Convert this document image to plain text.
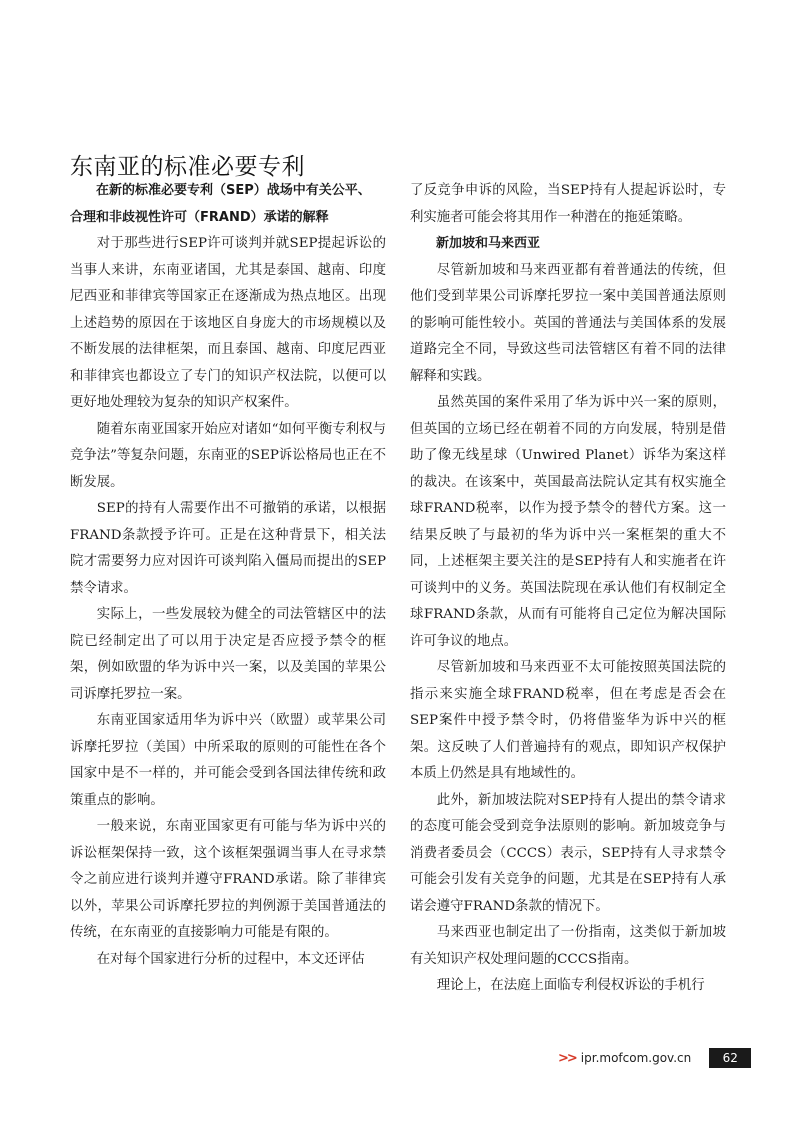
东南亚的标准必要专利

在新的标准必要专利（SEP）战场中有关公平、

合理和非歧视性许可（FRAND）承诺的解释

对于那些进行SEP许可谈判并就SEP提起诉讼的当事人来讲，东南亚诸国，尤其是泰国、越南、印度尼西亚和菲律宾等国家正在逐渐成为热点地区。出现上述趋势的原因在于该地区自身庞大的市场规模以及不断发展的法律框架，而且泰国、越南、印度尼西亚和菲律宾也都设立了专门的知识产权法院，以便可以更好地处理较为复杂的知识产权案件。

随着东南亚国家开始应对诸如“如何平衡专利权与竞争法”等复杂问题，东南亚的SEP诉讼格局也正在不断发展。

SEP的持有人需要作出不可撤销的承诺，以根据FRAND条款授予许可。正是在这种背景下，相关法院才需要努力应对因许可谈判陷入僵局而提出的SEP禁令请求。

实际上，一些发展较为健全的司法管辖区中的法院已经制定出了可以用于决定是否应授予禁令的框架，例如欧盟的华为诉中兴一案，以及美国的苹果公司诉摩托罗拉一案。

东南亚国家适用华为诉中兴（欧盟）或苹果公司诉摩托罗拉（美国）中所采取的原则的可能性在各个国家中是不一样的，并可能会受到各国法律传统和政策重点的影响。

一般来说，东南亚国家更有可能与华为诉中兴的诉讼框架保持一致，这个该框架强调当事人在寻求禁令之前应进行谈判并遵守FRAND承诺。除了菲律宾以外，苹果公司诉摩托罗拉的判例源于美国普通法的传统，在东南亚的直接影响力可能是有限的。

在对每个国家进行分析的过程中，本文还评估

了反竞争申诉的风险，当SEP持有人提起诉讼时，专利实施者可能会将其用作一种潜在的拖延策略。

新加坡和马来西亚

尽管新加坡和马来西亚都有着普通法的传统，但他们受到苹果公司诉摩托罗拉一案中美国普通法原则的影响可能性较小。英国的普通法与美国体系的发展道路完全不同，导致这些司法管辖区有着不同的法律解释和实践。

虽然英国的案件采用了华为诉中兴一案的原则，但英国的立场已经在朝着不同的方向发展，特别是借助了像无线星球（Unwired Planet）诉华为案这样的裁决。在该案中，英国最高法院认定其有权实施全球FRAND税率，以作为授予禁令的替代方案。这一结果反映了与最初的华为诉中兴一案框架的重大不同，上述框架主要关注的是SEP持有人和实施者在许可谈判中的义务。英国法院现在承认他们有权制定全球FRAND条款，从而有可能将自己定位为解决国际许可争议的地点。

尽管新加坡和马来西亚不太可能按照英国法院的指示来实施全球FRAND税率，但在考虑是否会在SEP案件中授予禁令时，仍将借鉴华为诉中兴的框架。这反映了人们普遍持有的观点，即知识产权保护本质上仍然是具有地域性的。

此外，新加坡法院对SEP持有人提出的禁令请求的态度可能会受到竞争法原则的影响。新加坡竞争与消费者委员会（CCCS）表示，SEP持有人寻求禁令可能会引发有关竞争的问题，尤其是在SEP持有人承诺会遵守FRAND条款的情况下。

马来西亚也制定出了一份指南，这类似于新加坡有关知识产权处理问题的CCCS指南。

理论上，在法庭上面临专利侵权诉讼的手机行

>> ipr.mofcom.gov.cn	62
